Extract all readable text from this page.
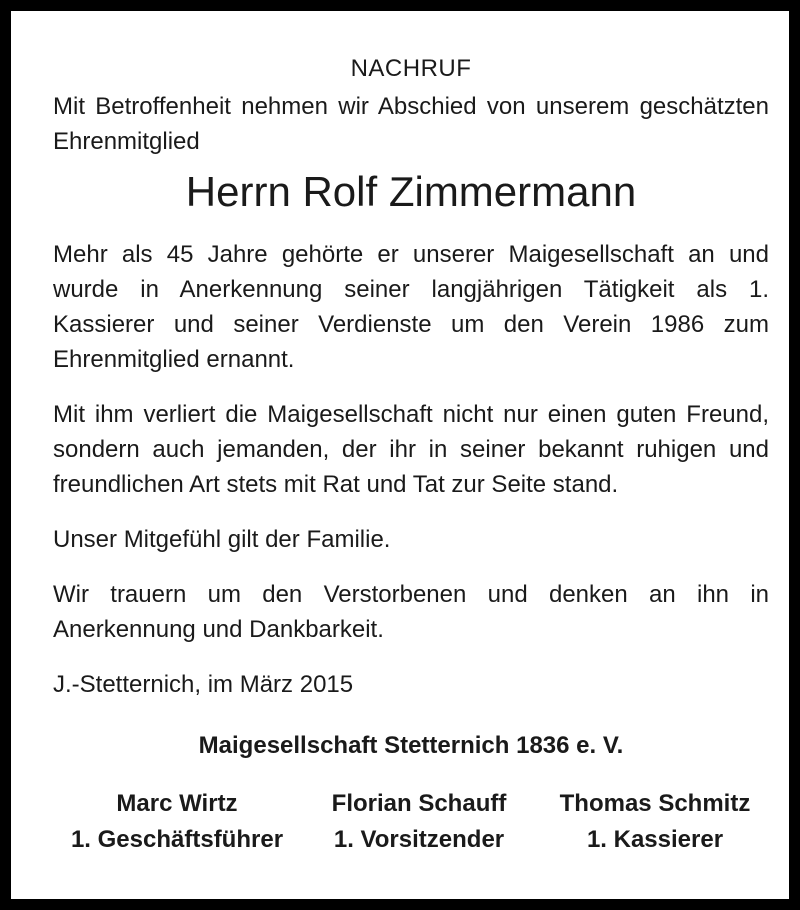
NACHRUF

Mit Betroffenheit nehmen wir Abschied von unserem geschätzten Ehrenmitglied

Herrn Rolf Zimmermann

Mehr als 45 Jahre gehörte er unserer Maigesellschaft an und wurde in Anerkennung seiner langjährigen Tätigkeit als 1. Kassierer und seiner Verdienste um den Verein 1986 zum Ehrenmitglied ernannt.

Mit ihm verliert die Maigesellschaft nicht nur einen guten Freund, sondern auch jemanden, der ihr in seiner bekannt ruhigen und freundlichen Art stets mit Rat und Tat zur Seite stand.

Unser Mitgefühl gilt der Familie.

Wir trauern um den Verstorbenen und denken an ihn in Anerkennung und Dankbarkeit.

J.-Stetternich, im März 2015

Maigesellschaft Stetternich 1836 e. V.

Marc Wirtz
1. Geschäftsführer
Florian Schauff
1. Vorsitzender
Thomas Schmitz
1. Kassierer
